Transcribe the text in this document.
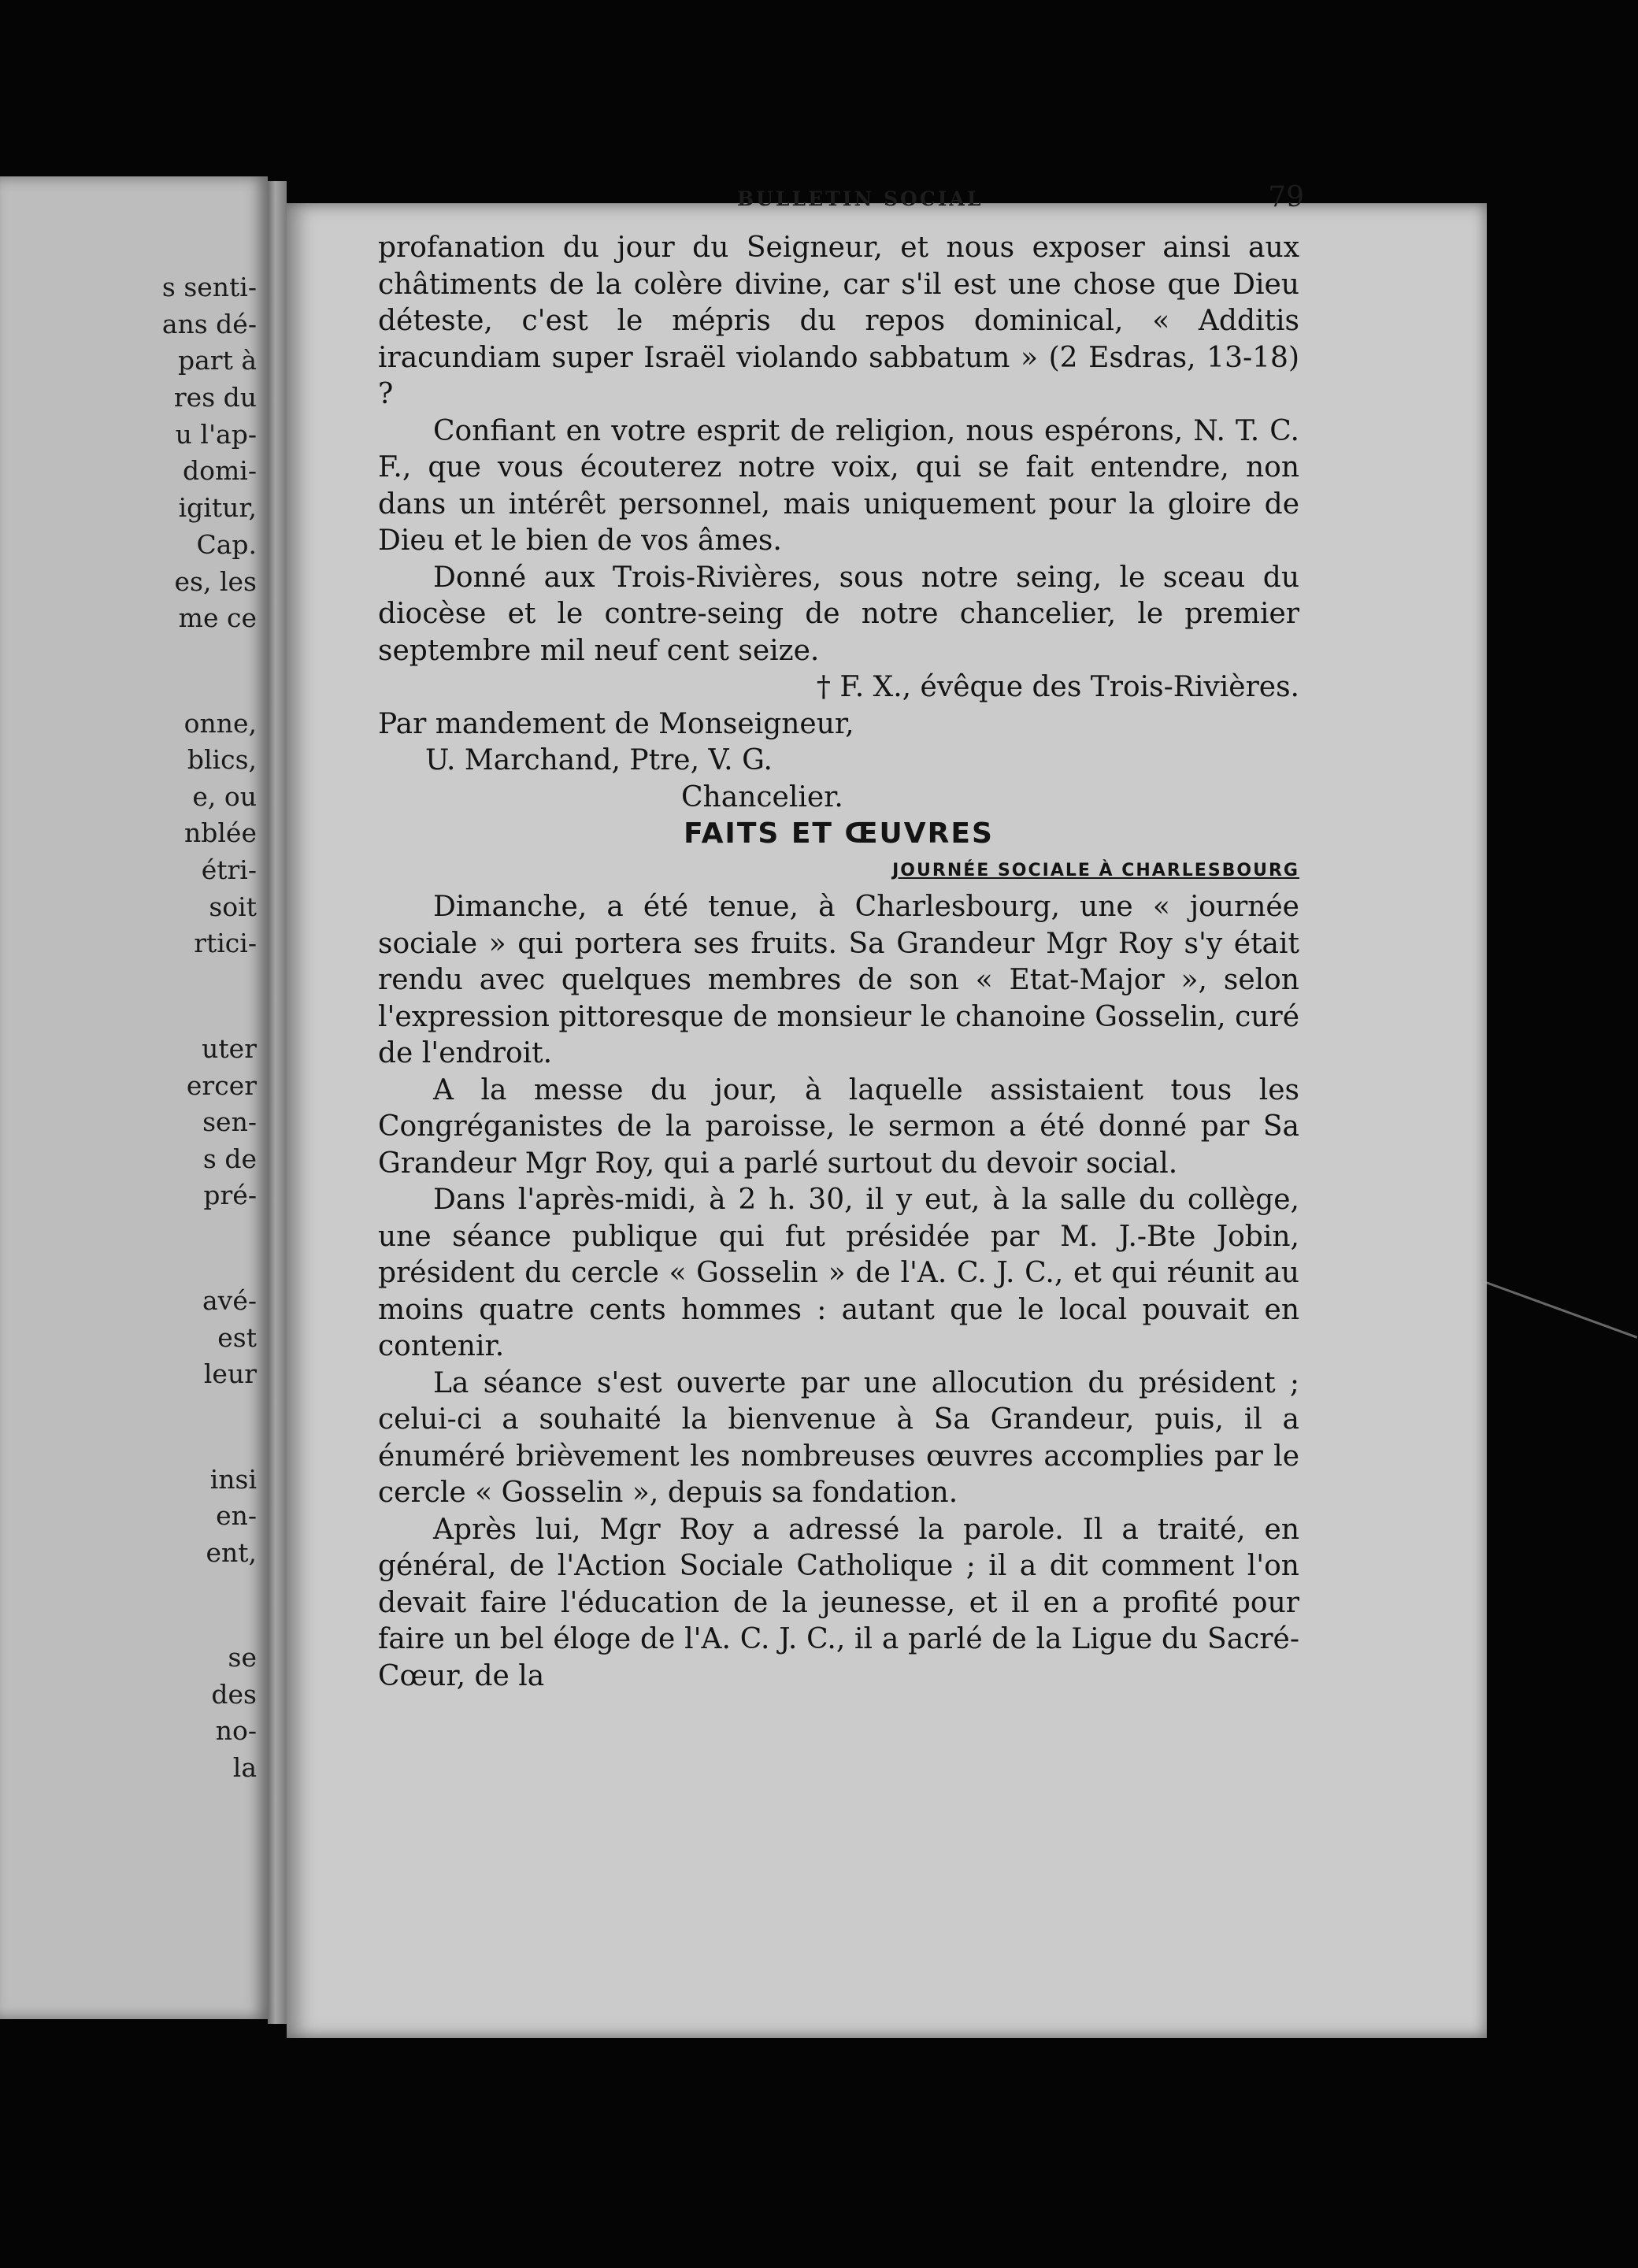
s senti-
ans dé-
part à
res du
u l'ap-
domi-
igitur,
Cap.
es, les
me ce
onne,
blics,
e, ou
nblée
étri-
soit
rtici-
uter
ercer
sen-
s de
pré-
avé-
est
leur
insi
en-
ent,
se
des
no-
la
BULLETIN SOCIAL	79

profanation du jour du Seigneur, et nous exposer ainsi aux châtiments de la colère divine, car s'il est une chose que Dieu déteste, c'est le mépris du repos dominical, « Additis iracundiam super Israël violando sabbatum » (2 Esdras, 13-18) ?

Confiant en votre esprit de religion, nous espérons, N. T. C. F., que vous écouterez notre voix, qui se fait entendre, non dans un intérêt personnel, mais uniquement pour la gloire de Dieu et le bien de vos âmes.

Donné aux Trois-Rivières, sous notre seing, le sceau du diocèse et le contre-seing de notre chancelier, le premier septembre mil neuf cent seize.

† F. X., évêque des Trois-Rivières.

Par mandement de Monseigneur,

U. Marchand, Ptre, V. G.

Chancelier.

FAITS ET ŒUVRES

JOURNÉE SOCIALE À CHARLESBOURG

Dimanche, a été tenue, à Charlesbourg, une « journée sociale » qui portera ses fruits. Sa Grandeur Mgr Roy s'y était rendu avec quelques membres de son « Etat-Major », selon l'expression pittoresque de monsieur le chanoine Gosselin, curé de l'endroit.

A la messe du jour, à laquelle assistaient tous les Congréganistes de la paroisse, le sermon a été donné par Sa Grandeur Mgr Roy, qui a parlé surtout du devoir social.

Dans l'après-midi, à 2 h. 30, il y eut, à la salle du collège, une séance publique qui fut présidée par M. J.-Bte Jobin, président du cercle « Gosselin » de l'A. C. J. C., et qui réunit au moins quatre cents hommes : autant que le local pouvait en contenir.

La séance s'est ouverte par une allocution du président ; celui-ci a souhaité la bienvenue à Sa Grandeur, puis, il a énuméré brièvement les nombreuses œuvres accomplies par le cercle « Gosselin », depuis sa fondation.

Après lui, Mgr Roy a adressé la parole. Il a traité, en général, de l'Action Sociale Catholique ; il a dit comment l'on devait faire l'éducation de la jeunesse, et il en a profité pour faire un bel éloge de l'A. C. J. C., il a parlé de la Ligue du Sacré-Cœur, de la
